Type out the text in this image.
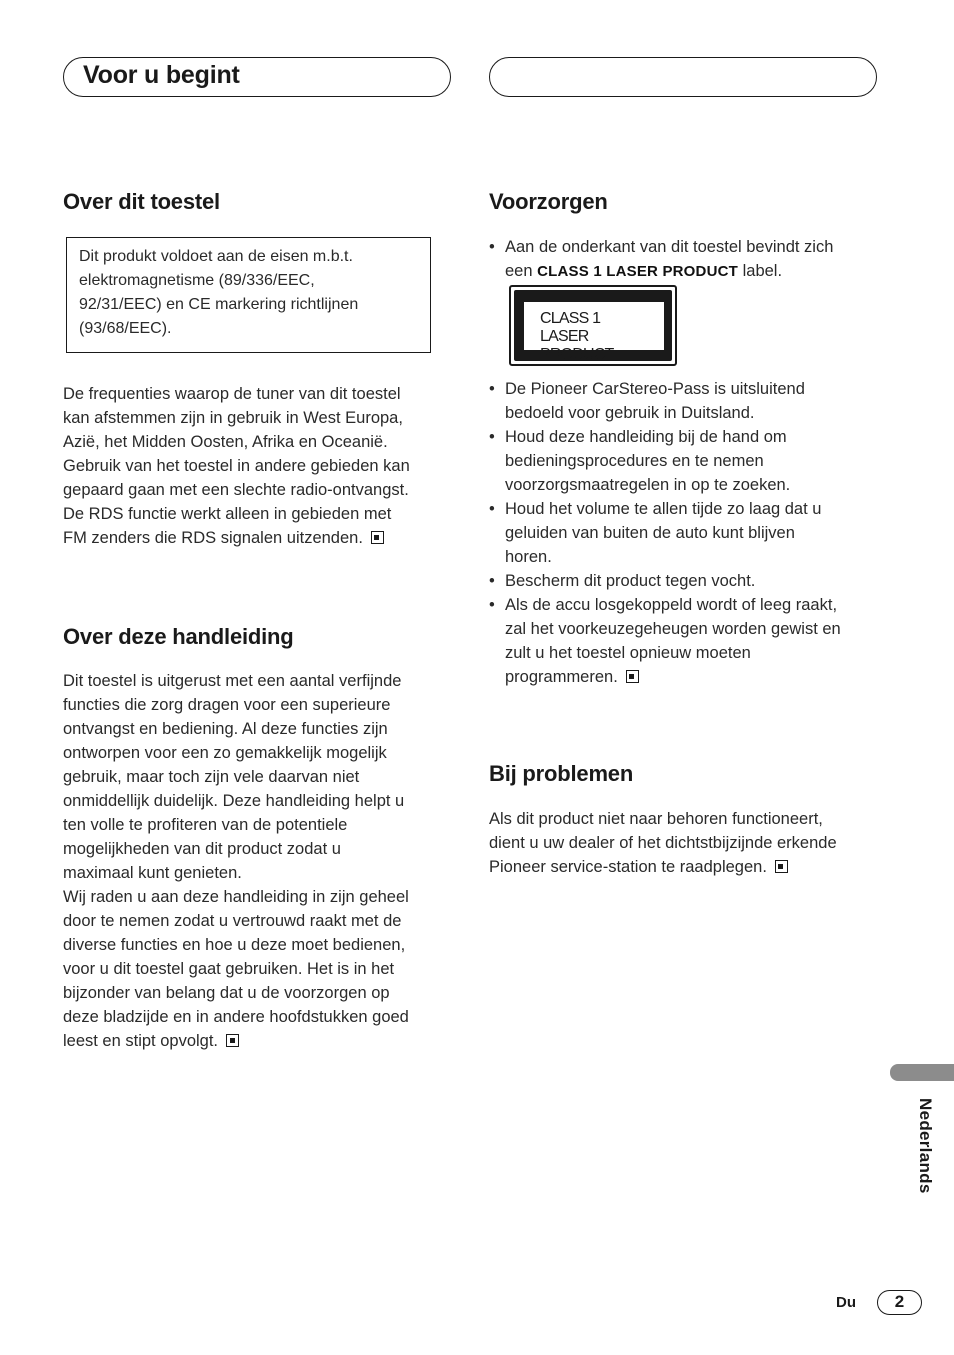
Voor u begint
Over dit toestel
Dit produkt voldoet aan de eisen m.b.t.
elektromagnetisme (89/336/EEC,
92/31/EEC) en CE markering richtlijnen
(93/68/EEC).
De frequenties waarop de tuner van dit toestel
kan afstemmen zijn in gebruik in West Europa,
Azië, het Midden Oosten, Afrika en Oceanië.
Gebruik van het toestel in andere gebieden kan
gepaard gaan met een slechte radio-ontvangst.
De RDS functie werkt alleen in gebieden met
FM zenders die RDS signalen uitzenden.
Over deze handleiding
Dit toestel is uitgerust met een aantal verfijnde
functies die zorg dragen voor een superieure
ontvangst en bediening. Al deze functies zijn
ontworpen voor een zo gemakkelijk mogelijk
gebruik, maar toch zijn vele daarvan niet
onmiddellijk duidelijk. Deze handleiding helpt u
ten volle te profiteren van de potentiele
mogelijkheden van dit product zodat u
maximaal kunt genieten.
Wij raden u aan deze handleiding in zijn geheel
door te nemen zodat u vertrouwd raakt met de
diverse functies en hoe u deze moet bedienen,
voor u dit toestel gaat gebruiken. Het is in het
bijzonder van belang dat u de voorzorgen op
deze bladzijde en in andere hoofdstukken goed
leest en stipt opvolgt.
Voorzorgen
• Aan de onderkant van dit toestel bevindt zich
een CLASS 1 LASER PRODUCT label.
CLASS 1
LASER PRODUCT
• De Pioneer CarStereo-Pass is uitsluitend
bedoeld voor gebruik in Duitsland.
• Houd deze handleiding bij de hand om
bedieningsprocedures en te nemen
voorzorgsmaatregelen in op te zoeken.
• Houd het volume te allen tijde zo laag dat u
geluiden van buiten de auto kunt blijven
horen.
• Bescherm dit product tegen vocht.
• Als de accu losgekoppeld wordt of leeg raakt,
zal het voorkeuzegeheugen worden gewist en
zult u het toestel opnieuw moeten
programmeren.
Bij problemen
Als dit product niet naar behoren functioneert,
dient u uw dealer of het dichtstbijzijnde erkende
Pioneer service-station te raadplegen.
Nederlands
Du	2
